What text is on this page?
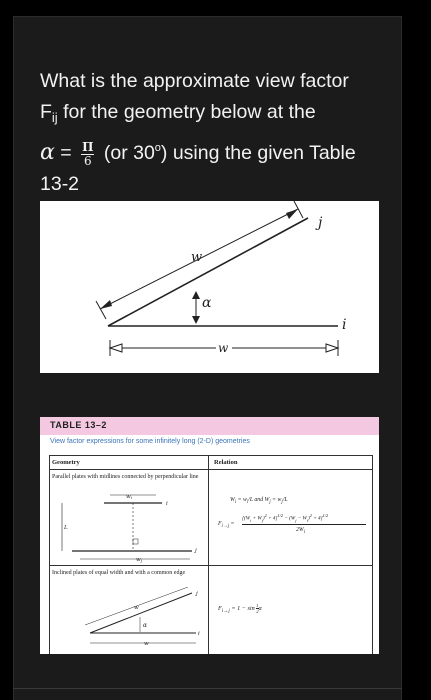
What is the approximate view factor
$F_{ij}$ for the geometry below at the
$\alpha = \frac{\Pi}{6} (or$ 30$^o$) using the given Table
13-2
w
α
w
j
i
TABLE 13–2
View factor expressions for some infinitely long (2-D) geometries
Geometry	Relation
Parallel plates with midlines connected by perpendicular line
wi
wj
L
i
j
$W_i = w_i/L$ and $W_j = w_j/L$
$F_{i\to j}$ =
$[(W_i + W_j)^2 + 4]^{1/2} - (W_j - W_i)^2 + 4]^{1/2}$
$2W_i$
Inclined plates of equal width and with a common edge
w
α
w
i
j
$F_{i\to j} = 1 - \sin \frac{1}{2}$ α
